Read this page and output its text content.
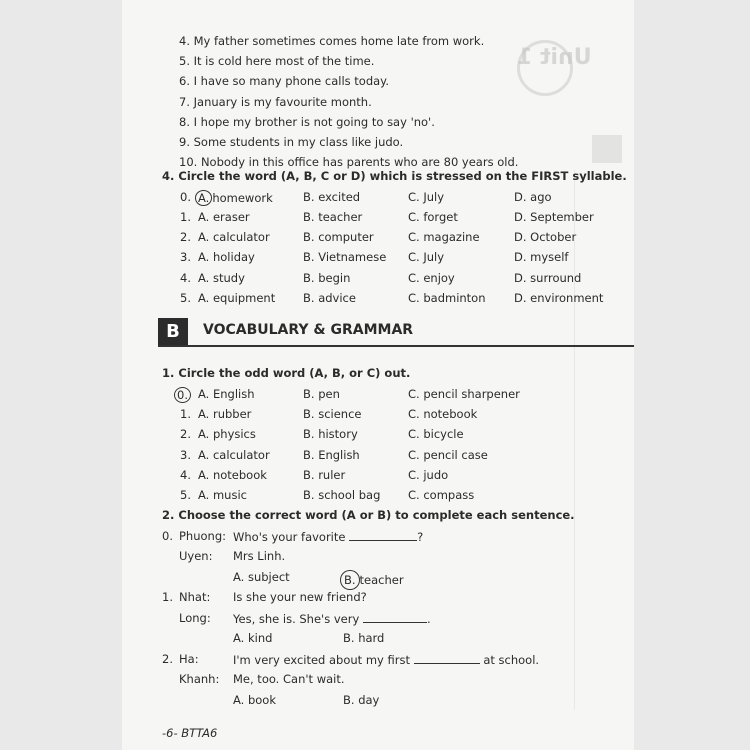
Unit 1
4. My father sometimes comes home late from work.
5. It is cold here most of the time.
6. I have so many phone calls today.
7. January is my favourite month.
8. I hope my brother is not going to say 'no'.
9. Some students in my class like judo.
10. Nobody in this office has parents who are 80 years old.
4. Circle the word (A, B, C or D) which is stressed on the FIRST syllable.
0. A. homework	B. excited	C. July	D. ago
1. A. eraser	B. teacher	C. forget	D. September
2. A. calculator	B. computer	C. magazine	D. October
3. A. holiday	B. Vietnamese C. July	D. myself
4. A. study	B. begin	C. enjoy	D. surround
5. A. equipment B. advice	C. badminton D. environment
B	VOCABULARY & GRAMMAR
1. Circle the odd word (A, B, or C) out.
0. A. English	B. pen	C. pencil sharpener
1. A. rubber	B. science	C. notebook
2. A. physics	B. history	C. bicycle
3. A. calculator	B. English	C. pencil case
4. A. notebook	B. ruler	C. judo
5. A. music	B. school bag C. compass
2. Choose the correct word (A or B) to complete each sentence.
0. Phuong: Who's your favorite	?
Uyen: Mrs Linh.
A. subject	B. teacher
1. Nhat: Is she your new friend?
Long: Yes, she is. She's very	.
A. kind	B. hard
2. Ha:	I'm very excited about my first	at school.
Khanh: Me, too. Can't wait.
A. book	B. day
-6- BTTA6
